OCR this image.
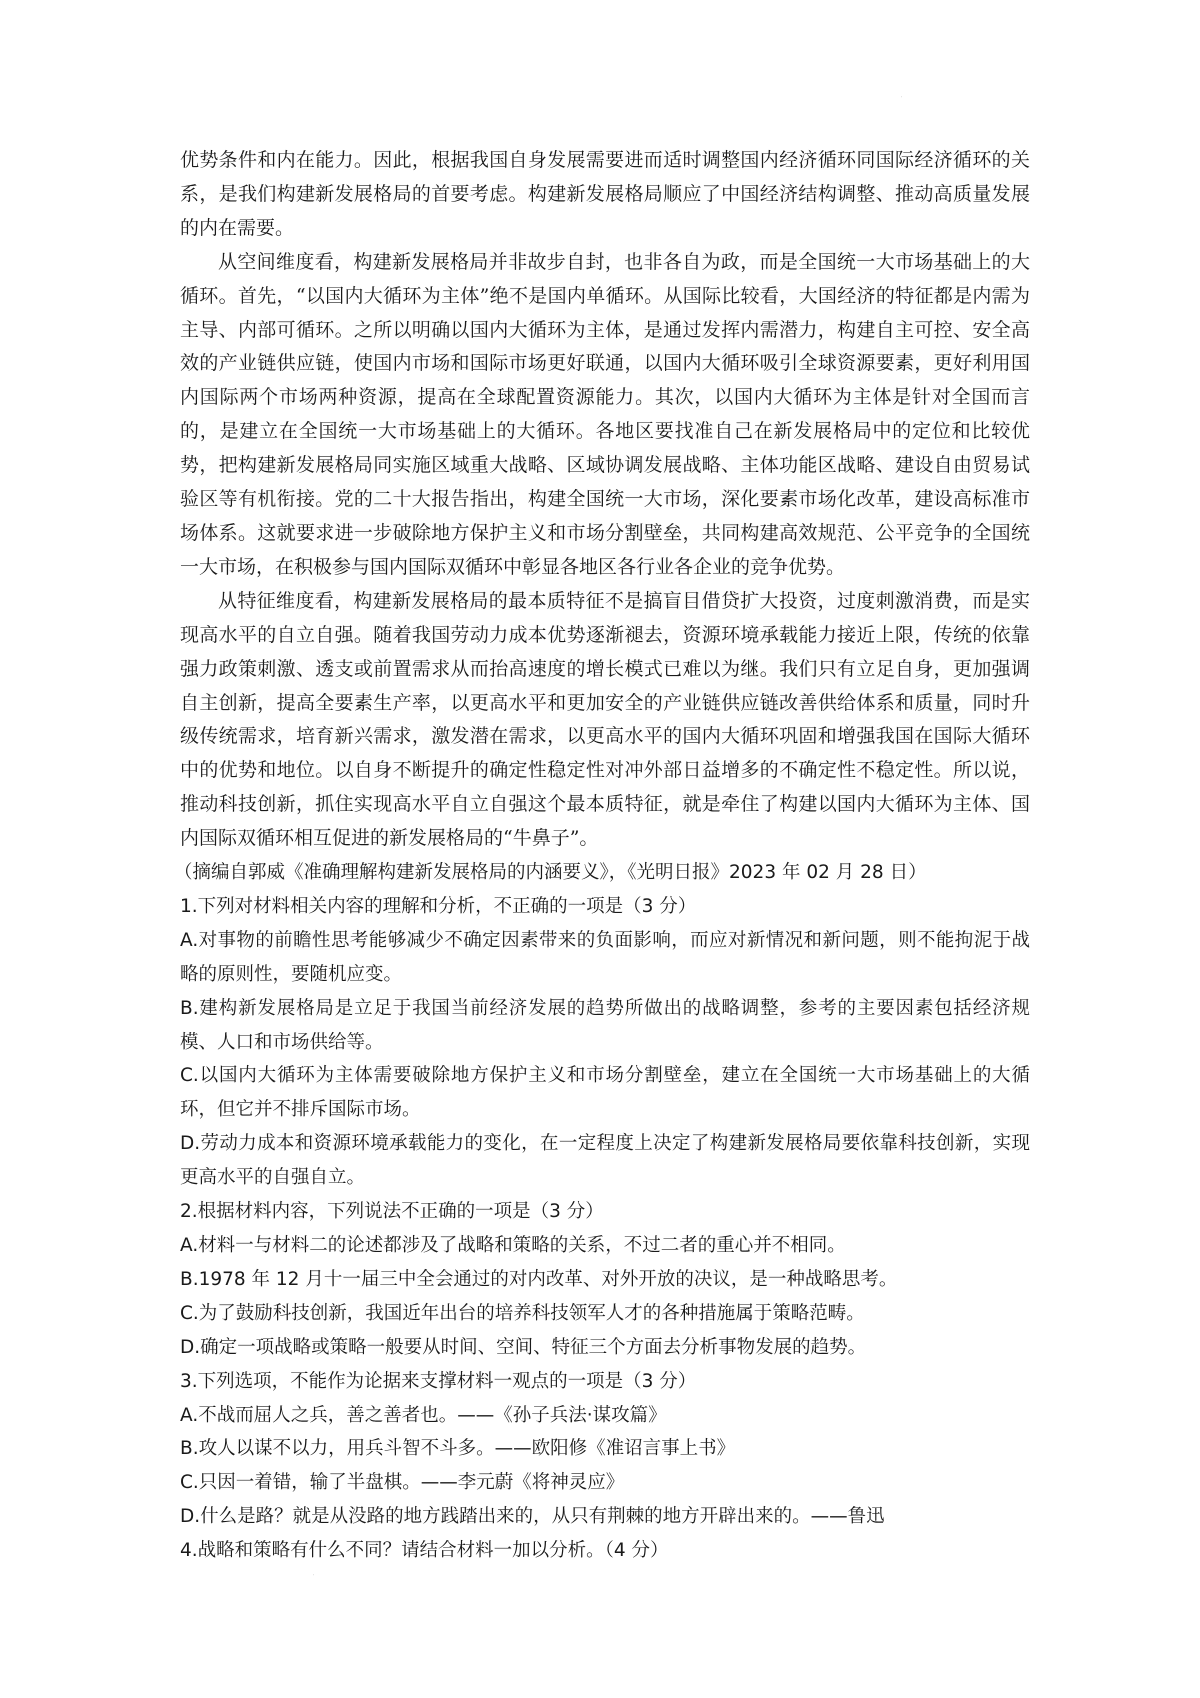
˙
˙

优势条件和内在能力。因此，根据我国自身发展需要进而适时调整国内经济循环同国际经济循环的关系，是我们构建新发展格局的首要考虑。构建新发展格局顺应了中国经济结构调整、推动高质量发展的内在需要。

从空间维度看，构建新发展格局并非故步自封，也非各自为政，而是全国统一大市场基础上的大循环。首先，“以国内大循环为主体”绝不是国内单循环。从国际比较看，大国经济的特征都是内需为主导、内部可循环。之所以明确以国内大循环为主体，是通过发挥内需潜力，构建自主可控、安全高效的产业链供应链，使国内市场和国际市场更好联通，以国内大循环吸引全球资源要素，更好利用国内国际两个市场两种资源，提高在全球配置资源能力。其次，以国内大循环为主体是针对全国而言的，是建立在全国统一大市场基础上的大循环。各地区要找准自己在新发展格局中的定位和比较优势，把构建新发展格局同实施区域重大战略、区域协调发展战略、主体功能区战略、建设自由贸易试验区等有机衔接。党的二十大报告指出，构建全国统一大市场，深化要素市场化改革，建设高标准市场体系。这就要求进一步破除地方保护主义和市场分割壁垒，共同构建高效规范、公平竞争的全国统一大市场，在积极参与国内国际双循环中彰显各地区各行业各企业的竞争优势。

从特征维度看，构建新发展格局的最本质特征不是搞盲目借贷扩大投资，过度刺激消费，而是实现高水平的自立自强。随着我国劳动力成本优势逐渐褪去，资源环境承载能力接近上限，传统的依靠强力政策刺激、透支或前置需求从而抬高速度的增长模式已难以为继。我们只有立足自身，更加强调自主创新，提高全要素生产率，以更高水平和更加安全的产业链供应链改善供给体系和质量，同时升级传统需求，培育新兴需求，激发潜在需求，以更高水平的国内大循环巩固和增强我国在国际大循环中的优势和地位。以自身不断提升的确定性稳定性对冲外部日益增多的不确定性不稳定性。所以说，推动科技创新，抓住实现高水平自立自强这个最本质特征，就是牵住了构建以国内大循环为主体、国内国际双循环相互促进的新发展格局的“牛鼻子”。

（摘编自郭威《准确理解构建新发展格局的内涵要义》，《光明日报》2023 年 02 月 28 日）

1.下列对材料相关内容的理解和分析，不正确的一项是（3 分）

A.对事物的前瞻性思考能够减少不确定因素带来的负面影响，而应对新情况和新问题，则不能拘泥于战略的原则性，要随机应变。

B.建构新发展格局是立足于我国当前经济发展的趋势所做出的战略调整，参考的主要因素包括经济规模、人口和市场供给等。

C.以国内大循环为主体需要破除地方保护主义和市场分割壁垒，建立在全国统一大市场基础上的大循环，但它并不排斥国际市场。

D.劳动力成本和资源环境承载能力的变化，在一定程度上决定了构建新发展格局要依靠科技创新，实现更高水平的自强自立。

2.根据材料内容，下列说法不正确的一项是（3 分）

A.材料一与材料二的论述都涉及了战略和策略的关系，不过二者的重心并不相同。

B.1978 年 12 月十一届三中全会通过的对内改革、对外开放的决议，是一种战略思考。

C.为了鼓励科技创新，我国近年出台的培养科技领军人才的各种措施属于策略范畴。

D.确定一项战略或策略一般要从时间、空间、特征三个方面去分析事物发展的趋势。

3.下列选项，不能作为论据来支撑材料一观点的一项是（3 分）

A.不战而屈人之兵，善之善者也。——《孙子兵法·谋攻篇》

B.攻人以谋不以力，用兵斗智不斗多。——欧阳修《准诏言事上书》

C.只因一着错，输了半盘棋。——李元蔚《将神灵应》

D.什么是路？就是从没路的地方践踏出来的，从只有荆棘的地方开辟出来的。——鲁迅

4.战略和策略有什么不同？请结合材料一加以分析。（4 分）
